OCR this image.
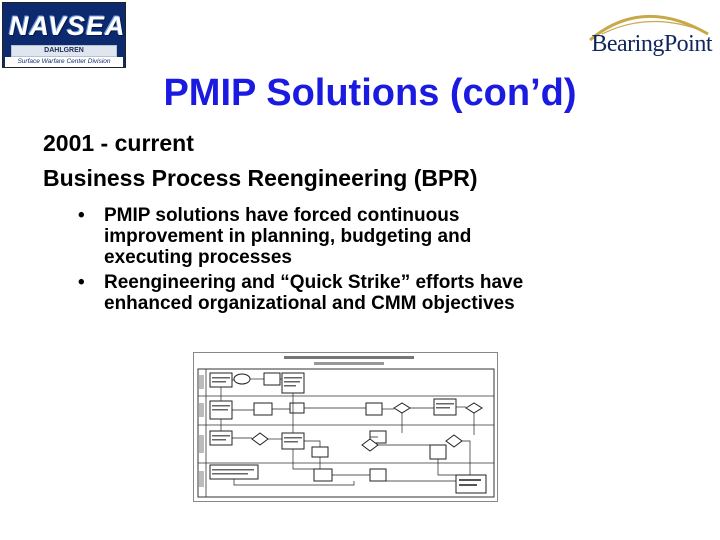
NAVSEA
DAHLGREN
Surface Warfare Center Division
BearingPoint
PMIP Solutions (con’d)
2001 - current
Business Process Reengineering (BPR)
• PMIP solutions have forced continuous
improvement in planning, budgeting and
executing processes
• Reengineering and “Quick Strike” efforts have
enhanced organizational and CMM objectives
